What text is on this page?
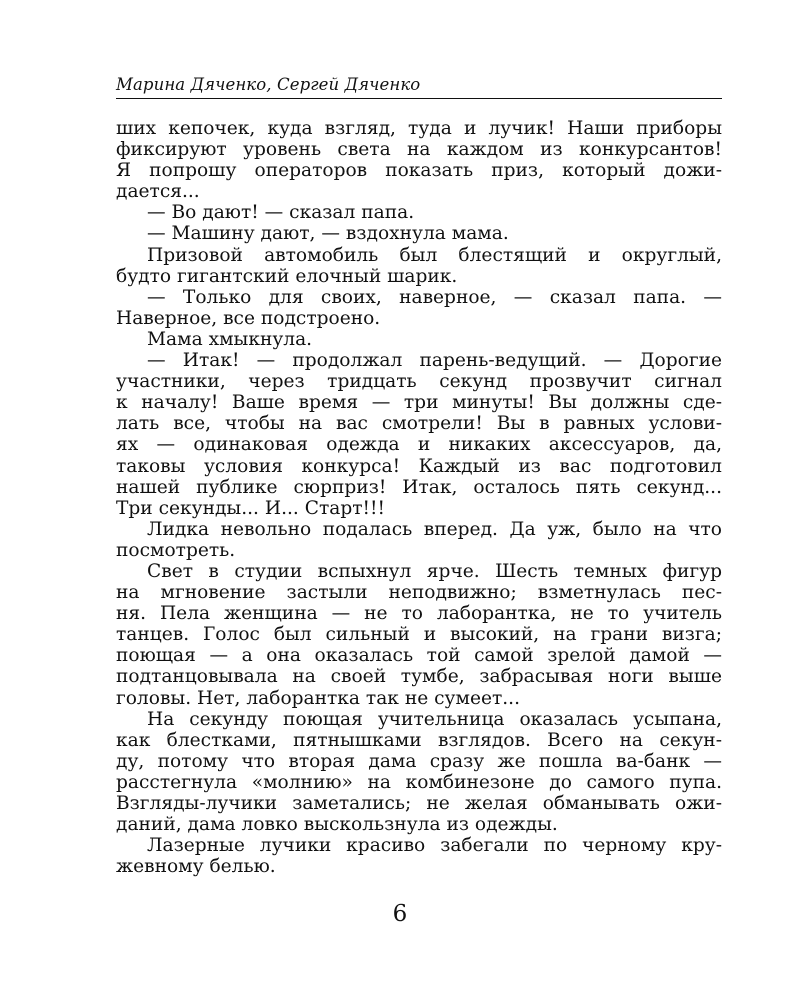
Марина Дяченко, Сергей Дяченко
ших кепочек, куда взгляд, туда и лучик! Наши приборы
фиксируют уровень света на каждом из конкурсантов!
Я попрошу операторов показать приз, который дожи-
дается...
— Во дают! — сказал папа.
— Машину дают, — вздохнула мама.
Призовой автомобиль был блестящий и округлый,
будто гигантский елочный шарик.
— Только для своих, наверное, — сказал папа. —
Наверное, все подстроено.
Мама хмыкнула.
— Итак! — продолжал парень-ведущий. — Дорогие
участники, через тридцать секунд прозвучит сигнал
к началу! Ваше время — три минуты! Вы должны сде-
лать все, чтобы на вас смотрели! Вы в равных услови-
ях — одинаковая одежда и никаких аксессуаров, да,
таковы условия конкурса! Каждый из вас подготовил
нашей публике сюрприз! Итак, осталось пять секунд...
Три секунды... И... Старт!!!
Лидка невольно подалась вперед. Да уж, было на что
посмотреть.
Свет в студии вспыхнул ярче. Шесть темных фигур
на мгновение застыли неподвижно; взметнулась пес-
ня. Пела женщина — не то лаборантка, не то учитель
танцев. Голос был сильный и высокий, на грани визга;
поющая — а она оказалась той самой зрелой дамой —
подтанцовывала на своей тумбе, забрасывая ноги выше
головы. Нет, лаборантка так не сумеет...
На секунду поющая учительница оказалась усыпана,
как блестками, пятнышками взглядов. Всего на секун-
ду, потому что вторая дама сразу же пошла ва-банк —
расстегнула «молнию» на комбинезоне до самого пупа.
Взгляды-лучики заметались; не желая обманывать ожи-
даний, дама ловко выскользнула из одежды.
Лазерные лучики красиво забегали по черному кру-
жевному белью.
6
